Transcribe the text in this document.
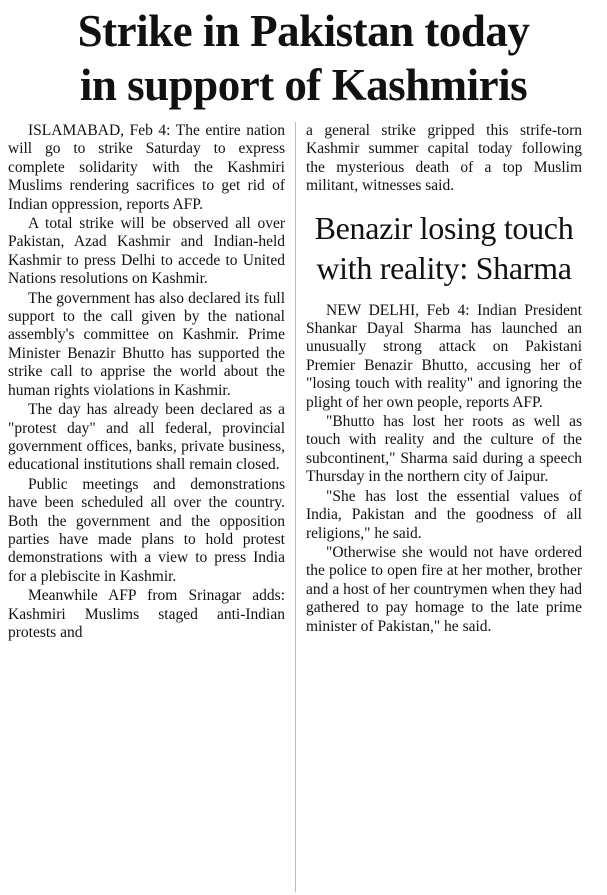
Strike in Pakistan today
in support of Kashmiris

ISLAMABAD, Feb 4: The entire nation will go to strike Saturday to express complete solidarity with the Kashmiri Muslims rendering sacrifices to get rid of Indian oppression, reports AFP.

A total strike will be observed all over Pakistan, Azad Kashmir and Indian-held Kashmir to press Delhi to accede to United Nations resolutions on Kashmir.

The government has also declared its full support to the call given by the national assembly's committee on Kashmir. Prime Minister Benazir Bhutto has supported the strike call to apprise the world about the human rights violations in Kashmir.

The day has already been declared as a "protest day" and all federal, provincial government offices, banks, private business, educational institutions shall remain closed.

Public meetings and demonstrations have been scheduled all over the country. Both the government and the opposition parties have made plans to hold protest demonstrations with a view to press India for a plebiscite in Kashmir.

Meanwhile AFP from Srinagar adds: Kashmiri Muslims staged anti-Indian protests and

a general strike gripped this strife-torn Kashmir summer capital today following the mysterious death of a top Muslim militant, witnesses said.

Benazir losing touch with reality: Sharma

NEW DELHI, Feb 4: Indian President Shankar Dayal Sharma has launched an unusually strong attack on Pakistani Premier Benazir Bhutto, accusing her of "losing touch with reality" and ignoring the plight of her own people, reports AFP.

"Bhutto has lost her roots as well as touch with reality and the culture of the subcontinent," Sharma said during a speech Thursday in the northern city of Jaipur.

"She has lost the essential values of India, Pakistan and the goodness of all religions," he said.

"Otherwise she would not have ordered the police to open fire at her mother, brother and a host of her countrymen when they had gathered to pay homage to the late prime minister of Pakistan," he said.
